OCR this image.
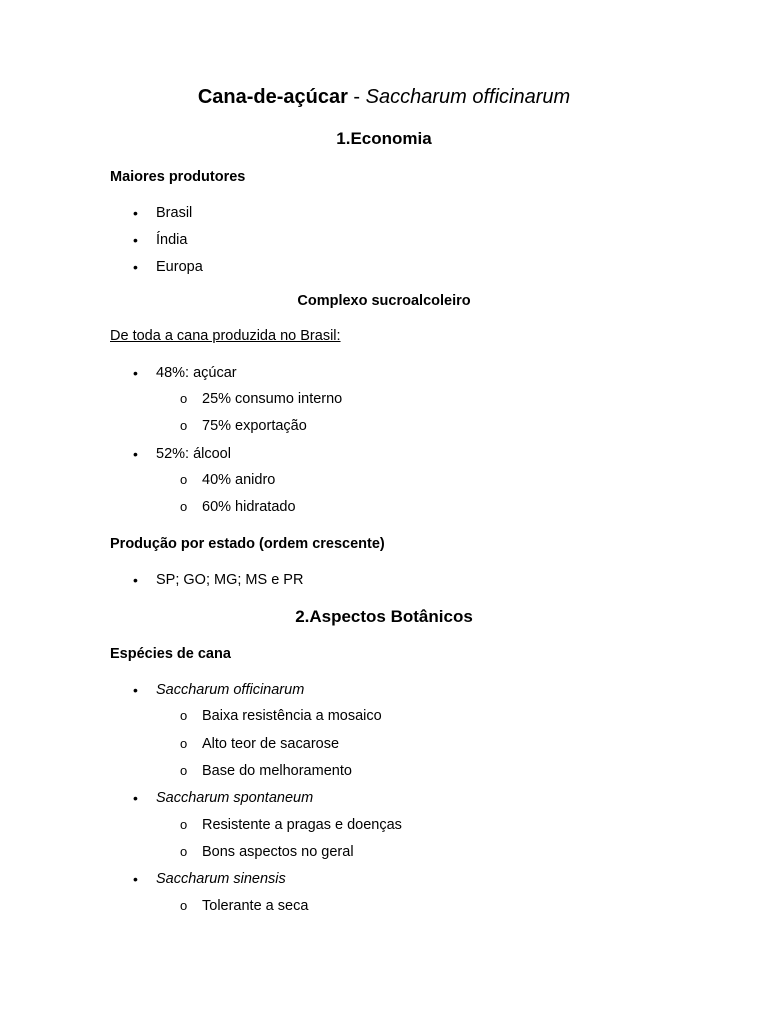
Cana-de-açúcar - Saccharum officinarum
1.Economia
Maiores produtores
• Brasil
• Índia
• Europa
Complexo sucroalcoleiro
De toda a cana produzida no Brasil:
• 48%: açúcar
o 25% consumo interno
o 75% exportação
• 52%: álcool
o 40% anidro
o 60% hidratado
Produção por estado (ordem crescente)
• SP; GO; MG; MS e PR
2.Aspectos Botânicos
Espécies de cana
• Saccharum officinarum
o Baixa resistência a mosaico
o Alto teor de sacarose
o Base do melhoramento
• Saccharum spontaneum
o Resistente a pragas e doenças
o Bons aspectos no geral
• Saccharum sinensis
o Tolerante a seca
